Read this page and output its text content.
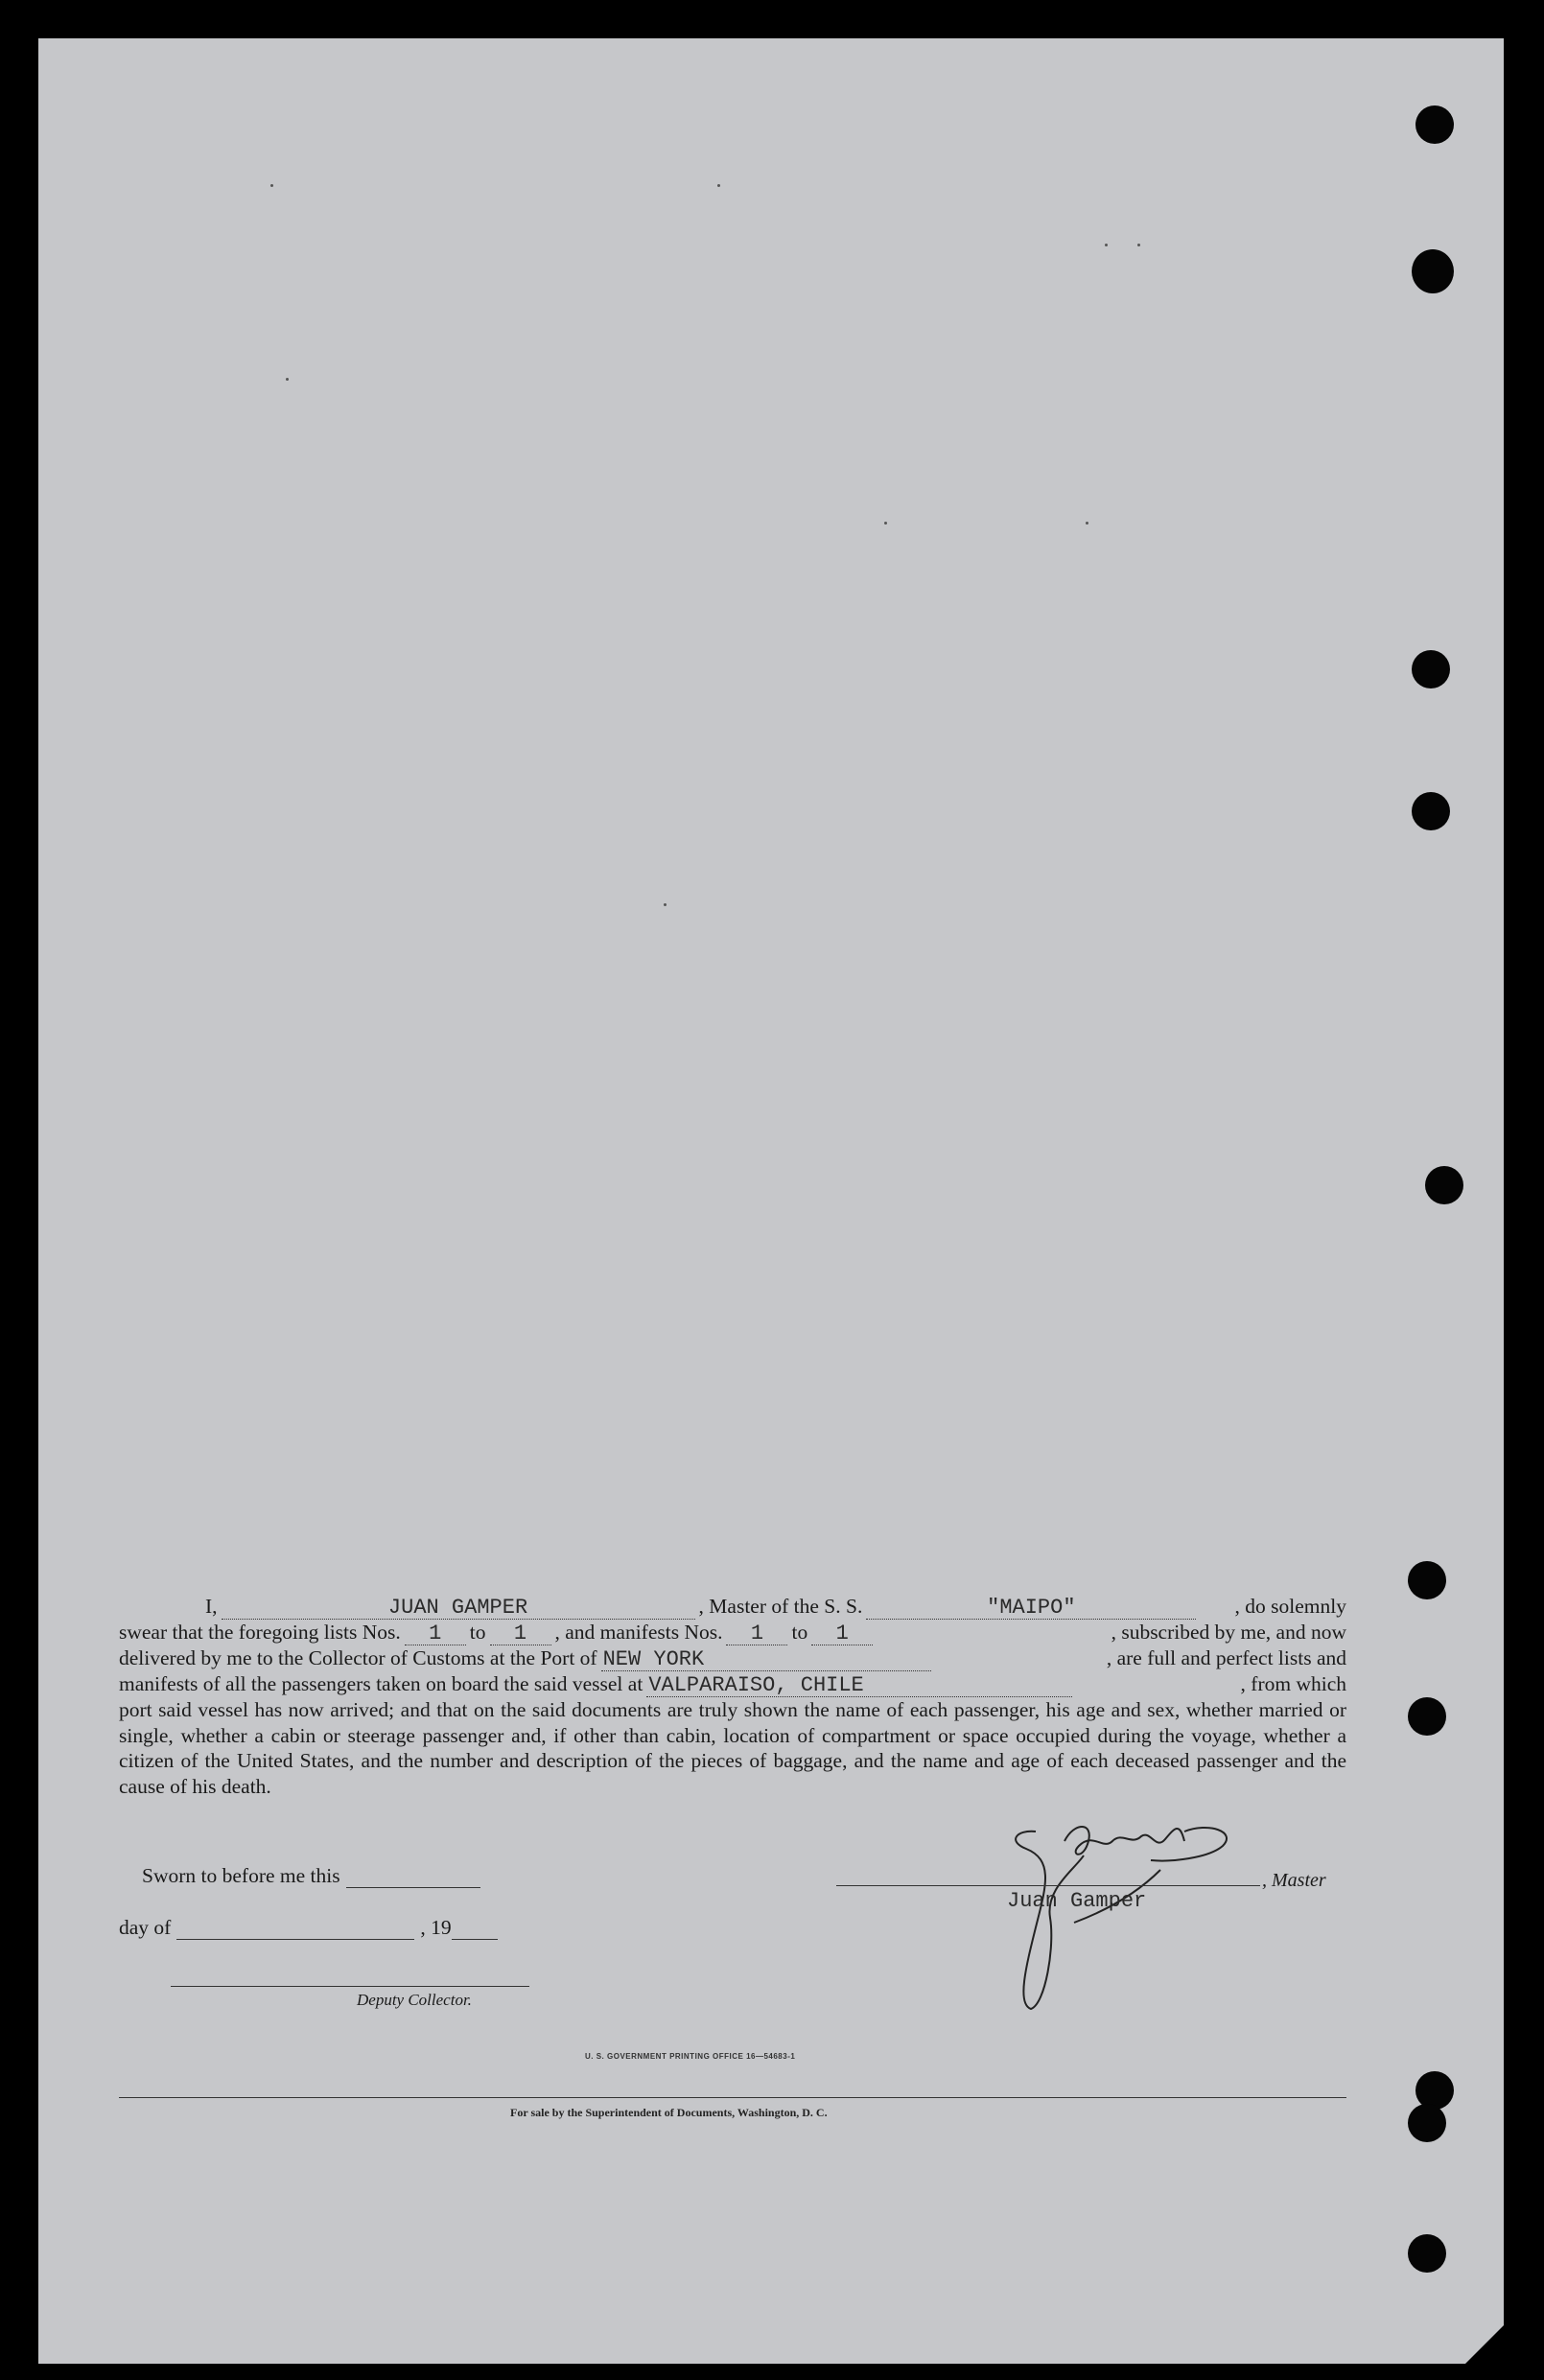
I,	JUAN GAMPER	, Master of the S. S.	"MAIPO"	, do solemnly
swear that the foregoing lists Nos.	1	to	1	, and manifests Nos.	1	to	1	, subscribed by me, and now
delivered by me to the Collector of Customs at the Port of NEW YORK	, are full and perfect lists and
manifests of all the passengers taken on board the said vessel at VALPARAISO, CHILE	, from which
port said vessel has now arrived; and that on the said documents are truly shown the name of each passenger, his age and sex, whether married or single, whether a cabin or steerage passenger and, if other than cabin, location of compartment or space occupied during the voyage, whether a citizen of the United States, and the number and description of the pieces of baggage, and the name and age of each deceased passenger and the cause of his death.
Sworn to before me this
day of	, 19
Deputy Collector.
, Master
Juan Gamper
U. S. GOVERNMENT PRINTING OFFICE 16—54683-1
For sale by the Superintendent of Documents, Washington, D. C.
